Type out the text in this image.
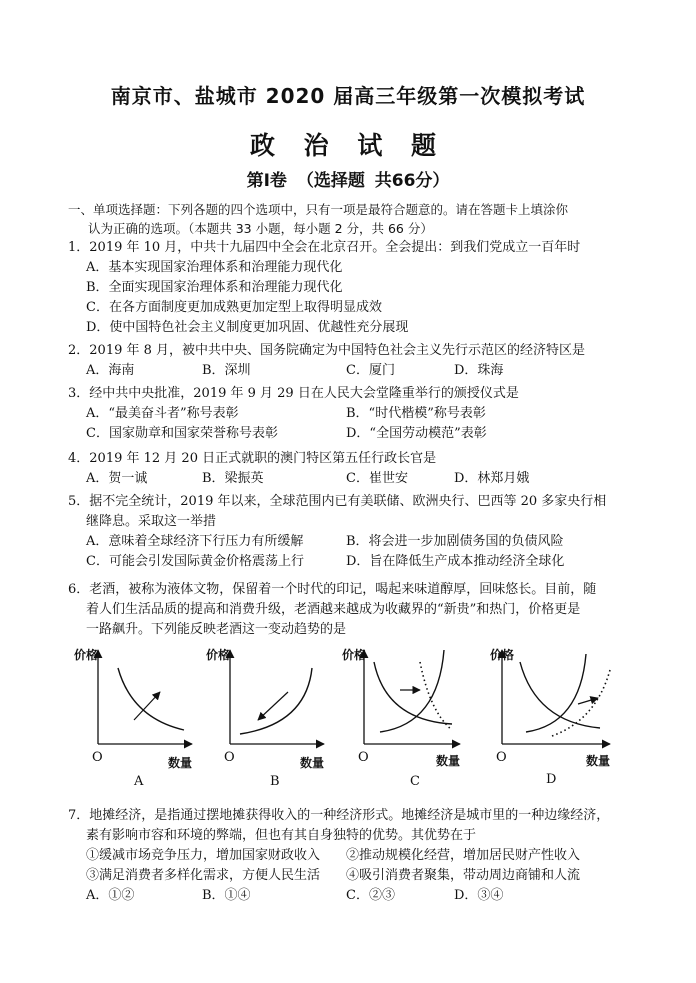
南京市、盐城市 2020 届高三年级第一次模拟考试
政 治 试 题
第Ⅰ卷 （选择题 共66分）
一、单项选择题：下列各题的四个选项中，只有一项是最符合题意的。请在答题卡上填涂你
认为正确的选项。（本题共 33 小题，每小题 2 分，共 66 分）
1．2019 年 10 月，中共十九届四中全会在北京召开。全会提出：到我们党成立一百年时
A．基本实现国家治理体系和治理能力现代化
B．全面实现国家治理体系和治理能力现代化
C．在各方面制度更加成熟更加定型上取得明显成效
D．使中国特色社会主义制度更加巩固、优越性充分展现
2．2019 年 8 月，被中共中央、国务院确定为中国特色社会主义先行示范区的经济特区是
A．海南	B．深圳	C．厦门	D．珠海
3．经中共中央批准，2019 年 9 月 29 日在人民大会堂隆重举行的颁授仪式是
A．“最美奋斗者”称号表彰	B．“时代楷模”称号表彰
C．国家勋章和国家荣誉称号表彰	D．“全国劳动模范”表彰
4．2019 年 12 月 20 日正式就职的澳门特区第五任行政长官是
A．贺一诚	B．梁振英	C．崔世安	D．林郑月娥
5．据不完全统计，2019 年以来，全球范围内已有美联储、欧洲央行、巴西等 20 多家央行相
继降息。采取这一举措
A．意味着全球经济下行压力有所缓解	B．将会进一步加剧债务国的负债风险
C．可能会引发国际黄金价格震荡上行	D．旨在降低生产成本推动经济全球化
6．老酒，被称为液体文物，保留着一个时代的印记，喝起来味道醇厚，回味悠长。目前，随
着人们生活品质的提高和消费升级，老酒越来越成为收藏界的“新贵”和热门，价格更是
一路飙升。下列能反映老酒这一变动趋势的是
价格	价格	价格	价格
数量	数量	数量	数量
O	O	O	O
A	B	C	D
7．地摊经济，是指通过摆地摊获得收入的一种经济形式。地摊经济是城市里的一种边缘经济，
素有影响市容和环境的弊端，但也有其自身独特的优势。其优势在于
①缓减市场竞争压力，增加国家财政收入 ②推动规模化经营，增加居民财产性收入
③满足消费者多样化需求，方便人民生活 ④吸引消费者聚集，带动周边商铺和人流
A．①②	B．①④	C．②③	D．③④
